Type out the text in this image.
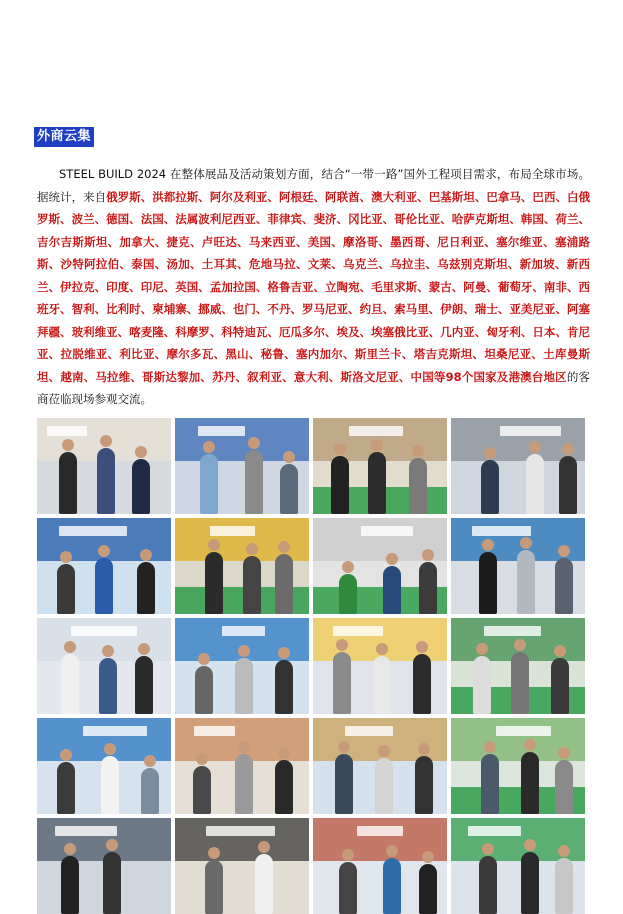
外商云集

STEEL BUILD 2024 在整体展品及活动策划方面，结合“一带一路”国外工程项目需求，布局全球市场。据统计，来自俄罗斯、洪都拉斯、阿尔及利亚、阿根廷、阿联酋、澳大利亚、巴基斯坦、巴拿马、巴西、白俄罗斯、波兰、德国、法国、法属波利尼西亚、菲律宾、斐济、冈比亚、哥伦比亚、哈萨克斯坦、韩国、荷兰、吉尔吉斯斯坦、加拿大、捷克、卢旺达、马来西亚、美国、摩洛哥、墨西哥、尼日利亚、塞尔维亚、塞浦路斯、沙特阿拉伯、泰国、汤加、土耳其、危地马拉、文莱、乌克兰、乌拉圭、乌兹别克斯坦、新加坡、新西兰、伊拉克、印度、印尼、英国、孟加拉国、格鲁吉亚、立陶宛、毛里求斯、蒙古、阿曼、葡萄牙、南非、西班牙、智利、比利时、柬埔寨、挪威、也门、不丹、罗马尼亚、约旦、索马里、伊朗、瑞士、亚美尼亚、阿塞拜疆、玻利维亚、喀麦隆、科摩罗、科特迪瓦、厄瓜多尔、埃及、埃塞俄比亚、几内亚、匈牙利、日本、肯尼亚、拉脱维亚、利比亚、摩尔多瓦、黑山、秘鲁、塞内加尔、斯里兰卡、塔吉克斯坦、坦桑尼亚、土库曼斯坦、越南、马拉维、哥斯达黎加、苏丹、叙利亚、意大利、斯洛文尼亚、中国等98个国家及港澳台地区的客商莅临现场参观交流。
